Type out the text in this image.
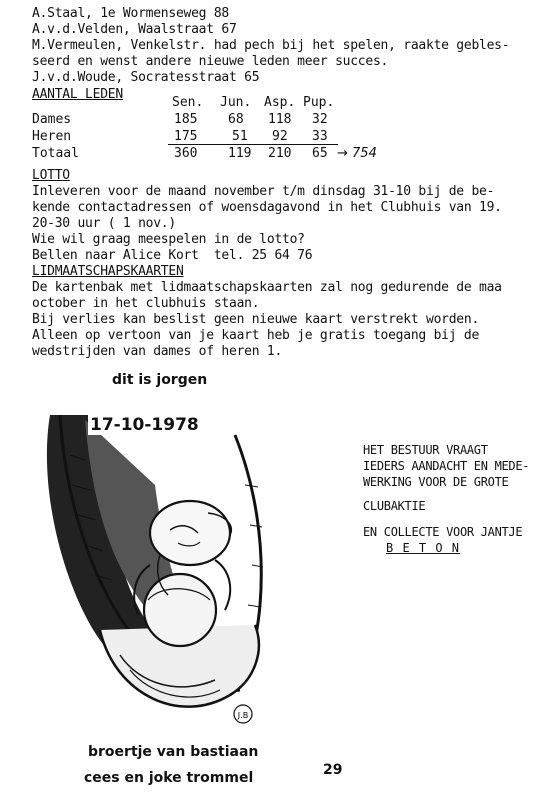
A.Staal, 1e Wormenseweg 88
A.v.d.Velden, Waalstraat 67
M.Vermeulen, Venkelstr. had pech bij het spelen, raakte gebles-
seerd en wenst andere nieuwe leden meer succes.
J.v.d.Woude, Socratesstraat 65
AANTAL LEDEN
Sen. Jun. Asp. Pup.
Dames	185 68 118 32
Heren	175	51 92 33
Totaal	360 119 210 65 → 754
LOTTO
Inleveren voor de maand november t/m dinsdag 31-10 bij de be-
kende contactadressen of woensdagavond in het Clubhuis van 19.
20-30 uur ( 1 nov.)
Wie wil graag meespelen in de lotto?
Bellen naar Alice Kort  tel. 25 64 76
LIDMAATSCHAPSKAARTEN
De kartenbak met lidmaatschapskaarten zal nog gedurende de maa
october in het clubhuis staan.
Bij verlies kan beslist geen nieuwe kaart verstrekt worden.
Alleen op vertoon van je kaart heb je gratis toegang bij de
wedstrijden van dames of heren 1.
dit is jorgen
J.B
17-10-1978
broertje van bastiaan
cees en joke trommel
HET BESTUUR VRAAGT
IEDERS AANDACHT EN MEDE-
WERKING VOOR DE GROTE
CLUBAKTIE
EN COLLECTE VOOR JANTJE
B E T O N
29
